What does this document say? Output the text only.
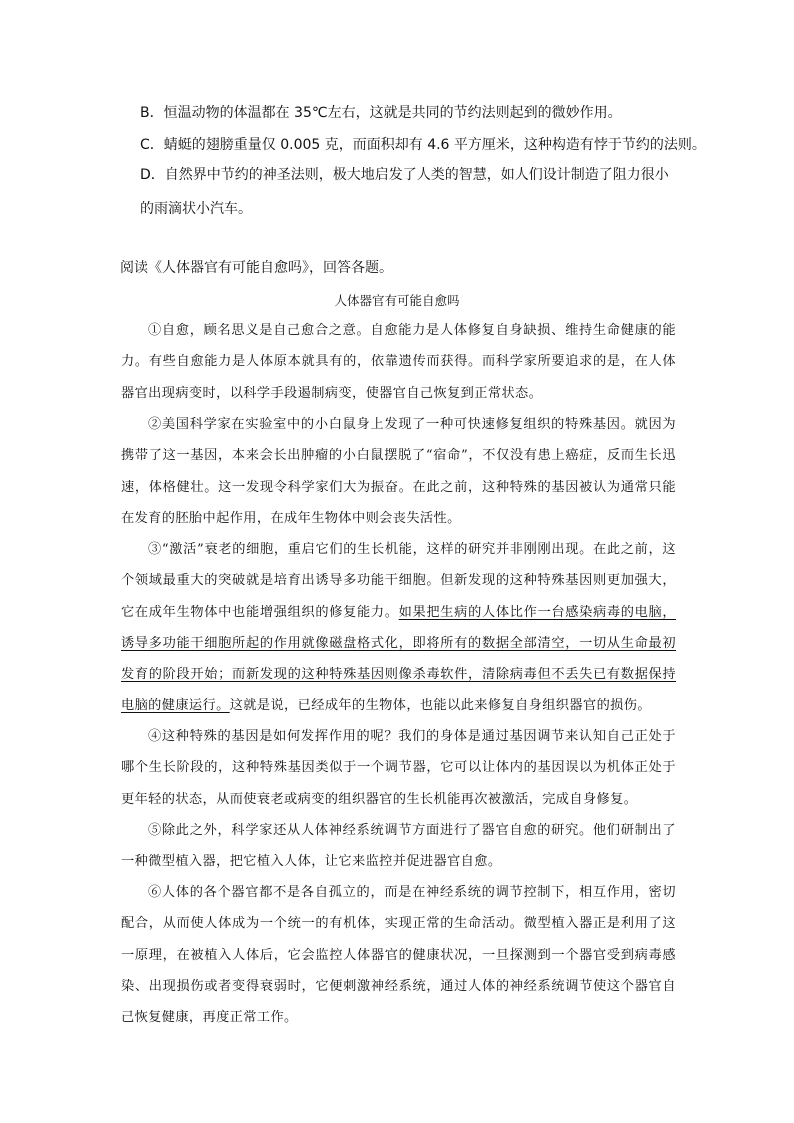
B．恒温动物的体温都在 35℃左右，这就是共同的节约法则起到的微妙作用。
C．蜻蜓的翅膀重量仅 0.005 克，而面积却有 4.6 平方厘米，这种构造有悖于节约的法则。
D．自然界中节约的神圣法则，极大地启发了人类的智慧，如人们设计制造了阻力很小的雨滴状小汽车。
阅读《人体器官有可能自愈吗》，回答各题。
人体器官有可能自愈吗
①自愈，顾名思义是自己愈合之意。自愈能力是人体修复自身缺损、维持生命健康的能力。有些自愈能力是人体原本就具有的，依靠遗传而获得。而科学家所要追求的是，在人体器官出现病变时，以科学手段遏制病变，使器官自己恢复到正常状态。
②美国科学家在实验室中的小白鼠身上发现了一种可快速修复组织的特殊基因。就因为携带了这一基因，本来会长出肿瘤的小白鼠摆脱了“宿命”，不仅没有患上癌症，反而生长迅速，体格健壮。这一发现令科学家们大为振奋。在此之前，这种特殊的基因被认为通常只能在发育的胚胎中起作用，在成年生物体中则会丧失活性。
③“激活”衰老的细胞，重启它们的生长机能，这样的研究并非刚刚出现。在此之前，这个领域最重大的突破就是培育出诱导多功能干细胞。但新发现的这种特殊基因则更加强大，它在成年生物体中也能增强组织的修复能力。如果把生病的人体比作一台感染病毒的电脑，诱导多功能干细胞所起的作用就像磁盘格式化，即将所有的数据全部清空，一切从生命最初发育的阶段开始；而新发现的这种特殊基因则像杀毒软件，清除病毒但不丢失已有数据保持电脑的健康运行。这就是说，已经成年的生物体，也能以此来修复自身组织器官的损伤。
④这种特殊的基因是如何发挥作用的呢？我们的身体是通过基因调节来认知自己正处于哪个生长阶段的，这种特殊基因类似于一个调节器，它可以让体内的基因误以为机体正处于更年轻的状态，从而使衰老或病变的组织器官的生长机能再次被激活，完成自身修复。
⑤除此之外，科学家还从人体神经系统调节方面进行了器官自愈的研究。他们研制出了一种微型植入器，把它植入人体，让它来监控并促进器官自愈。
⑥人体的各个器官都不是各自孤立的，而是在神经系统的调节控制下，相互作用，密切配合，从而使人体成为一个统一的有机体，实现正常的生命活动。微型植入器正是利用了这一原理，在被植入人体后，它会监控人体器官的健康状况，一旦探测到一个器官受到病毒感染、出现损伤或者变得衰弱时，它便刺激神经系统，通过人体的神经系统调节使这个器官自己恢复健康，再度正常工作。
